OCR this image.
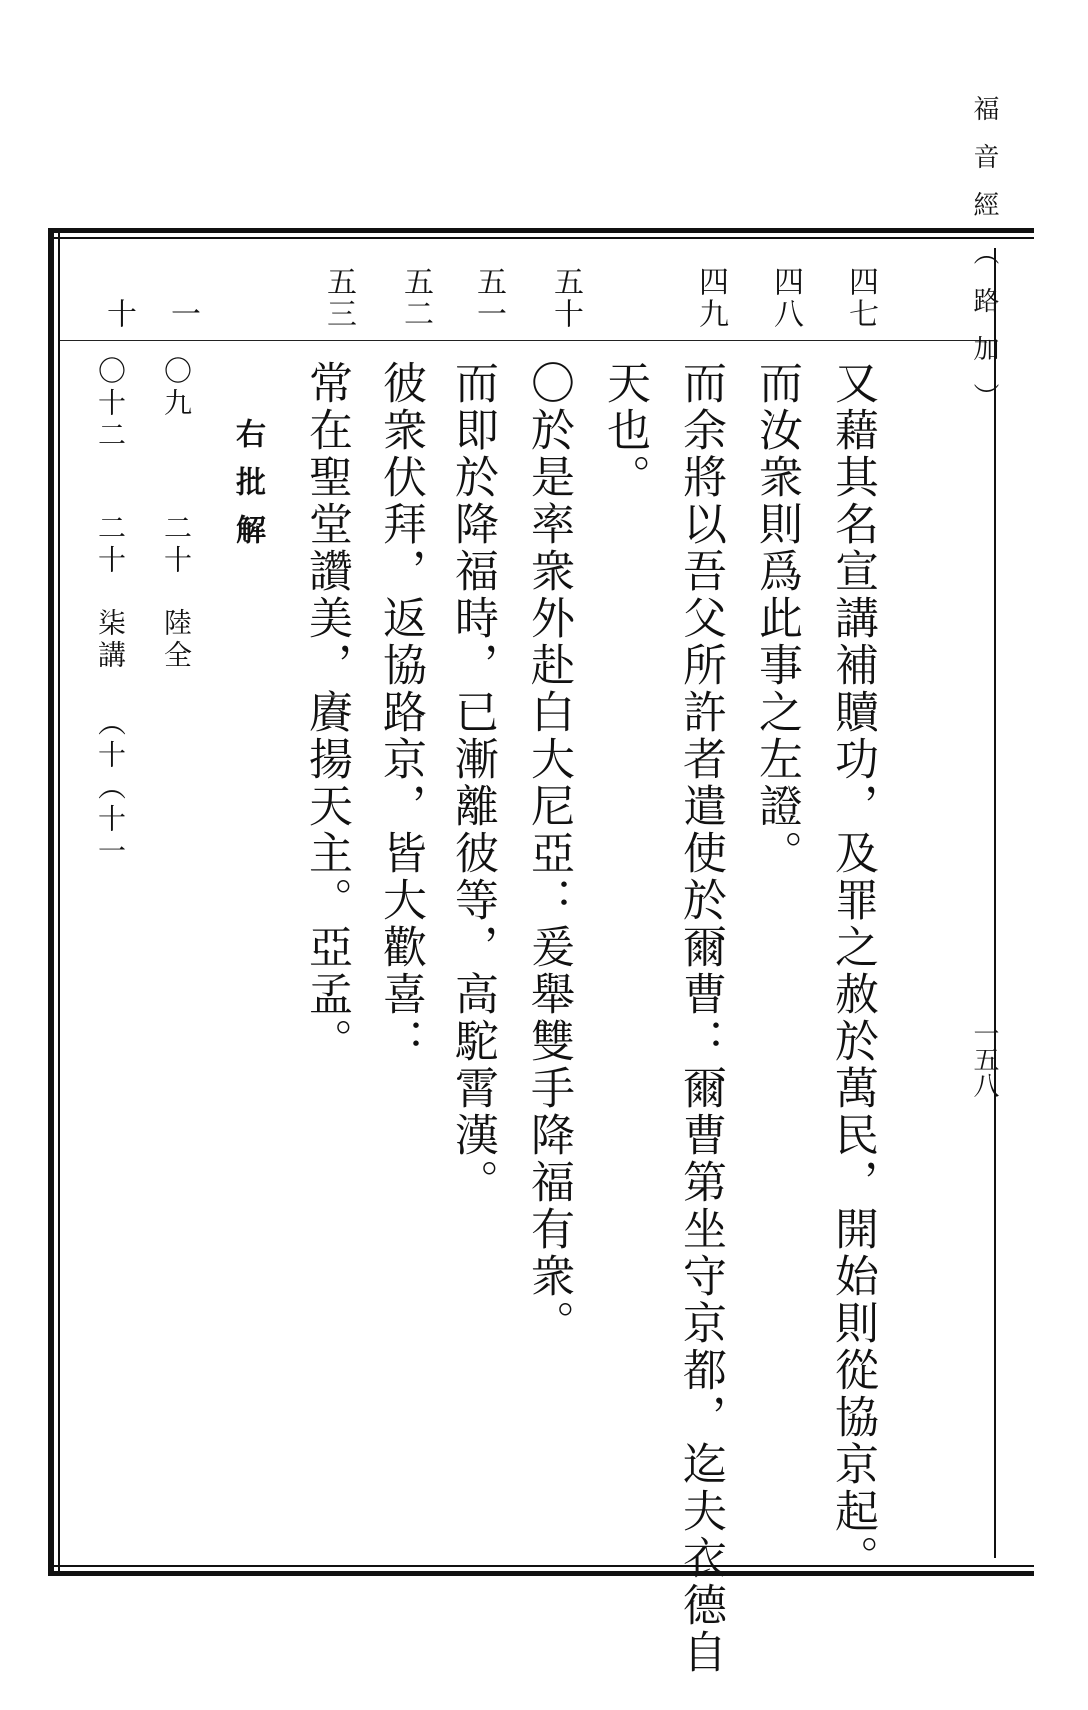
四七
四八
四九
五十
五一
五二
五三
一
十
又藉其名宣講補贖功，及罪之赦於萬民，開始則從協京起。
而汝衆則爲此事之左證。
而余將以吾父所許者遣使於爾曹：爾曹第坐守京都，迄夫衣德自
天也。
〇於是率衆外赴白大尼亞：爰舉雙手降福有衆。
而即於降福時，已漸離彼等，高駝霄漢。
彼衆伏拜，返協路京，皆大歡喜：
常在聖堂讚美，賡揚天主。亞孟。
右批解
〇九
二十
陸全
〇十二
二十
柒講
（十（十一
福音經（路加）
一五八
